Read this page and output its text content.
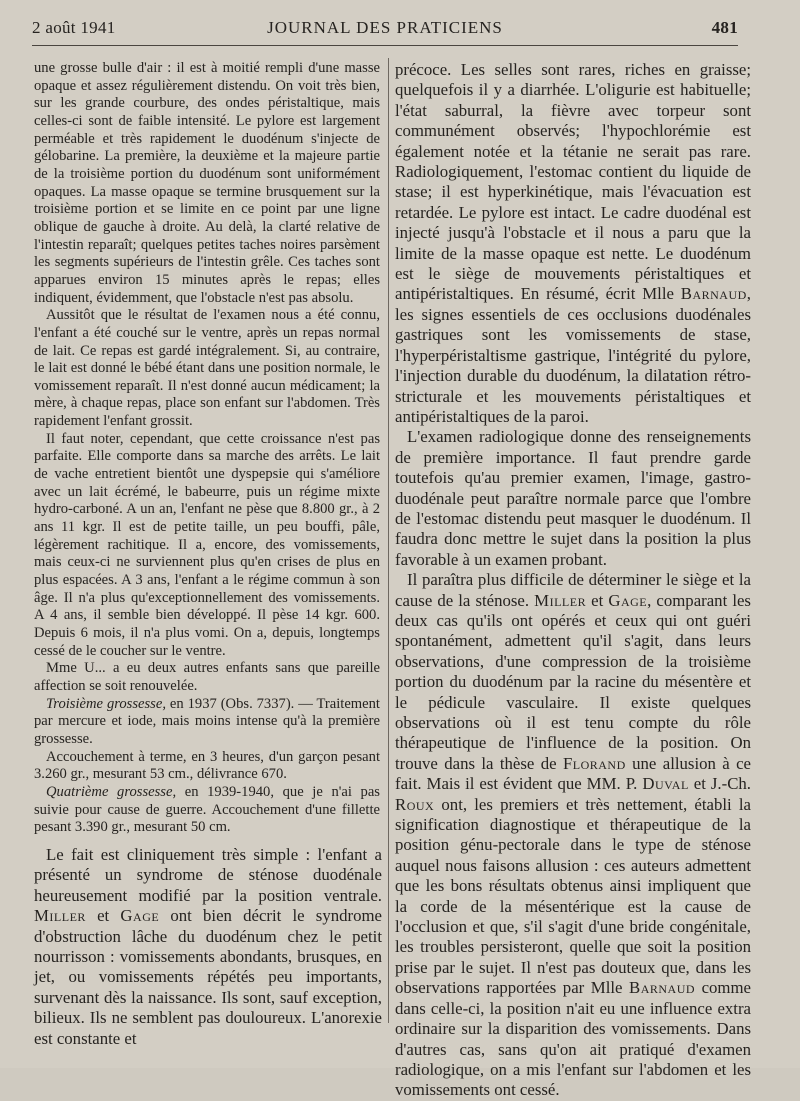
2 août 1941	JOURNAL DES PRATICIENS	481

une grosse bulle d'air : il est à moitié rempli d'une masse opaque et assez régulièrement distendu. On voit très bien, sur les grande courbure, des ondes péristaltique, mais celles-ci sont de faible intensité. Le pylore est largement perméable et très rapidement le duodénum s'injecte de gélobarine. La première, la deuxième et la majeure partie de la troisième portion du duodénum sont uniformément opaques. La masse opaque se termine brusquement sur la troisième portion et se limite en ce point par une ligne oblique de gauche à droite. Au delà, la clarté relative de l'intestin reparaît; quelques petites taches noires parsèment les segments supérieurs de l'intestin grêle. Ces taches sont apparues environ 15 minutes après le repas; elles indiquent, évidemment, que l'obstacle n'est pas absolu.

Aussitôt que le résultat de l'examen nous a été connu, l'enfant a été couché sur le ventre, après un repas normal de lait. Ce repas est gardé intégralement. Si, au contraire, le lait est donné le bébé étant dans une position normale, le vomissement reparaît. Il n'est donné aucun médicament; la mère, à chaque repas, place son enfant sur l'abdomen. Très rapidement l'enfant grossit.

Il faut noter, cependant, que cette croissance n'est pas parfaite. Elle comporte dans sa marche des arrêts. Le lait de vache entretient bientôt une dyspepsie qui s'améliore avec un lait écrémé, le babeurre, puis un régime mixte hydro-carboné. A un an, l'enfant ne pèse que 8.800 gr., à 2 ans 11 kgr. Il est de petite taille, un peu bouffi, pâle, légèrement rachitique. Il a, encore, des vomissements, mais ceux-ci ne surviennent plus qu'en crises de plus en plus espacées. A 3 ans, l'enfant a le régime commun à son âge. Il n'a plus qu'exceptionnellement des vomissements. A 4 ans, il semble bien développé. Il pèse 14 kgr. 600. Depuis 6 mois, il n'a plus vomi. On a, depuis, longtemps cessé de le coucher sur le ventre.

Mme U... a eu deux autres enfants sans que pareille affection se soit renouvelée.

Troisième grossesse, en 1937 (Obs. 7337). — Traitement par mercure et iode, mais moins intense qu'à la première grossesse.

Accouchement à terme, en 3 heures, d'un garçon pesant 3.260 gr., mesurant 53 cm., délivrance 670.

Quatrième grossesse, en 1939-1940, que je n'ai pas suivie pour cause de guerre. Accouchement d'une fillette pesant 3.390 gr., mesurant 50 cm.

Le fait est cliniquement très simple : l'enfant a présenté un syndrome de sténose duodénale heureusement modifié par la position ventrale. Miller et Gage ont bien décrit le syndrome d'obstruction lâche du duodénum chez le petit nourrisson : vomissements abondants, brusques, en jet, ou vomissements répétés peu importants, survenant dès la naissance. Ils sont, sauf exception, bilieux. Ils ne semblent pas douloureux. L'anorexie est constante et

précoce. Les selles sont rares, riches en graisse; quelquefois il y a diarrhée. L'oligurie est habituelle; l'état saburral, la fièvre avec torpeur sont communément observés; l'hypochlorémie est également notée et la tétanie ne serait pas rare. Radiologiquement, l'estomac contient du liquide de stase; il est hyperkinétique, mais l'évacuation est retardée. Le pylore est intact. Le cadre duodénal est injecté jusqu'à l'obstacle et il nous a paru que la limite de la masse opaque est nette. Le duodénum est le siège de mouvements péristaltiques et antipéristaltiques. En résumé, écrit Mlle Barnaud, les signes essentiels de ces occlusions duodénales gastriques sont les vomissements de stase, l'hyperpéristaltisme gastrique, l'intégrité du pylore, l'injection durable du duodénum, la dilatation rétro-stricturale et les mouvements péristaltiques et antipéristaltiques de la paroi.

L'examen radiologique donne des renseignements de première importance. Il faut prendre garde toutefois qu'au premier examen, l'image, gastro-duodénale peut paraître normale parce que l'ombre de l'estomac distendu peut masquer le duodénum. Il faudra donc mettre le sujet dans la position la plus favorable à un examen probant.

Il paraîtra plus difficile de déterminer le siège et la cause de la sténose. Miller et Gage, comparant les deux cas qu'ils ont opérés et ceux qui ont guéri spontanément, admettent qu'il s'agit, dans leurs observations, d'une compression de la troisième portion du duodénum par la racine du mésentère et le pédicule vasculaire. Il existe quelques observations où il est tenu compte du rôle thérapeutique de l'influence de la position. On trouve dans la thèse de Florand une allusion à ce fait. Mais il est évident que MM. P. Duval et J.-Ch. Roux ont, les premiers et très nettement, établi la signification diagnostique et thérapeutique de la position génu-pectorale dans le type de sténose auquel nous faisons allusion : ces auteurs admettent que les bons résultats obtenus ainsi impliquent que la corde de la mésentérique est la cause de l'occlusion et que, s'il s'agit d'une bride congénitale, les troubles persisteront, quelle que soit la position prise par le sujet. Il n'est pas douteux que, dans les observations rapportées par Mlle Barnaud comme dans celle-ci, la position n'ait eu une influence extra ordinaire sur la disparition des vomissements. Dans d'autres cas, sans qu'on ait pratiqué d'examen radiologique, on a mis l'enfant sur l'abdomen et les vomissements ont cessé.
